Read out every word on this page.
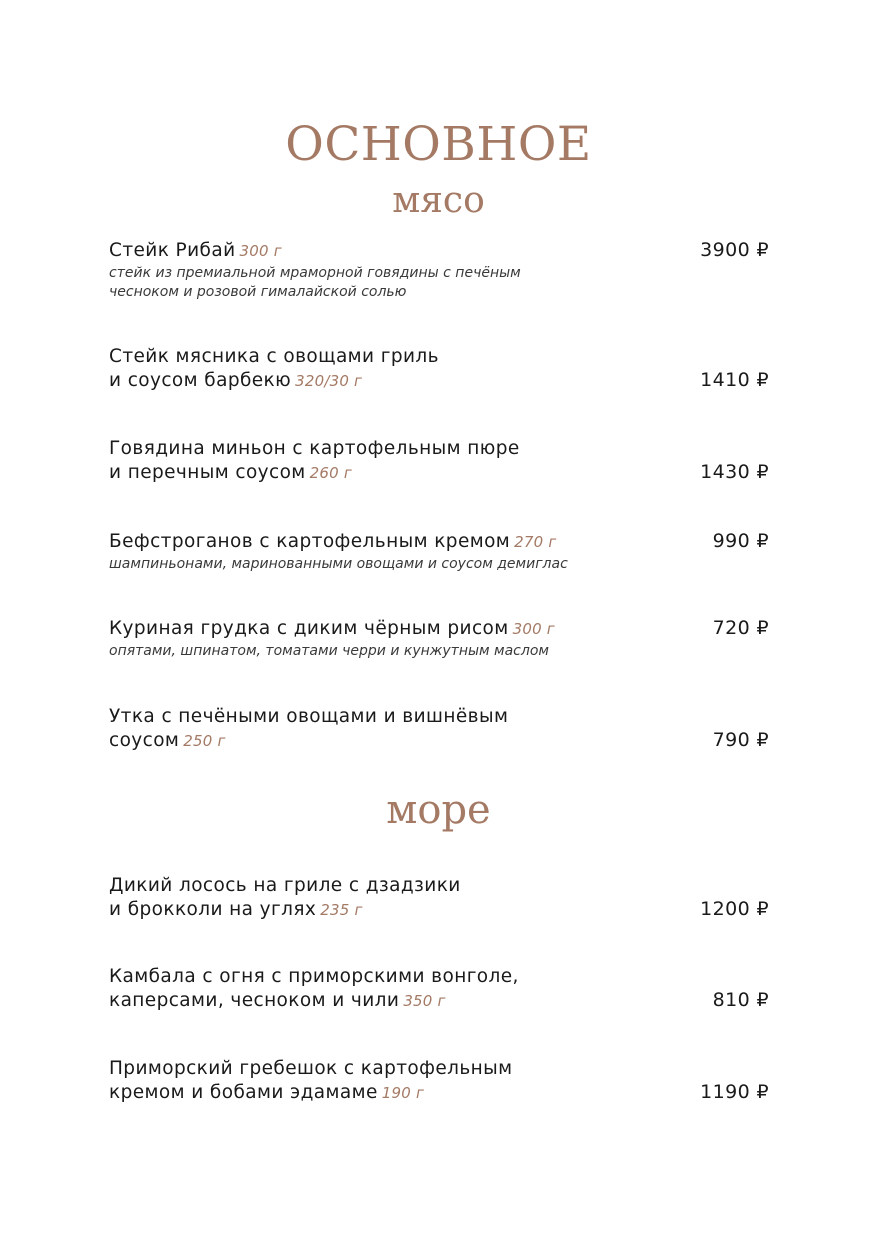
ОСНОВНОЕ
мясо
Стейк Рибай 300 г
стейк из премиальной мраморной говядины с печёным чесноком и розовой гималайской солью
3900 ₽
Стейк мясника с овощами гриль
и соусом барбекю 320/30 г	1410 ₽
Говядина миньон с картофельным пюре
и перечным соусом 260 г	1430 ₽
Бефстроганов с картофельным кремом 270 г
шампиньонами, маринованными овощами и соусом демиглас
990 ₽
Куриная грудка с диким чёрным рисом 300 г
опятами, шпинатом, томатами черри и кунжутным маслом
720 ₽
Утка с печёными овощами и вишнёвым
соусом 250 г	790 ₽
море
Дикий лосось на гриле с дзадзики
и брокколи на углях 235 г	1200 ₽
Камбала с огня с приморскими вонголе,
каперсами, чесноком и чили 350 г	810 ₽
Приморский гребешок с картофельным
кремом и бобами эдамаме 190 г	1190 ₽
